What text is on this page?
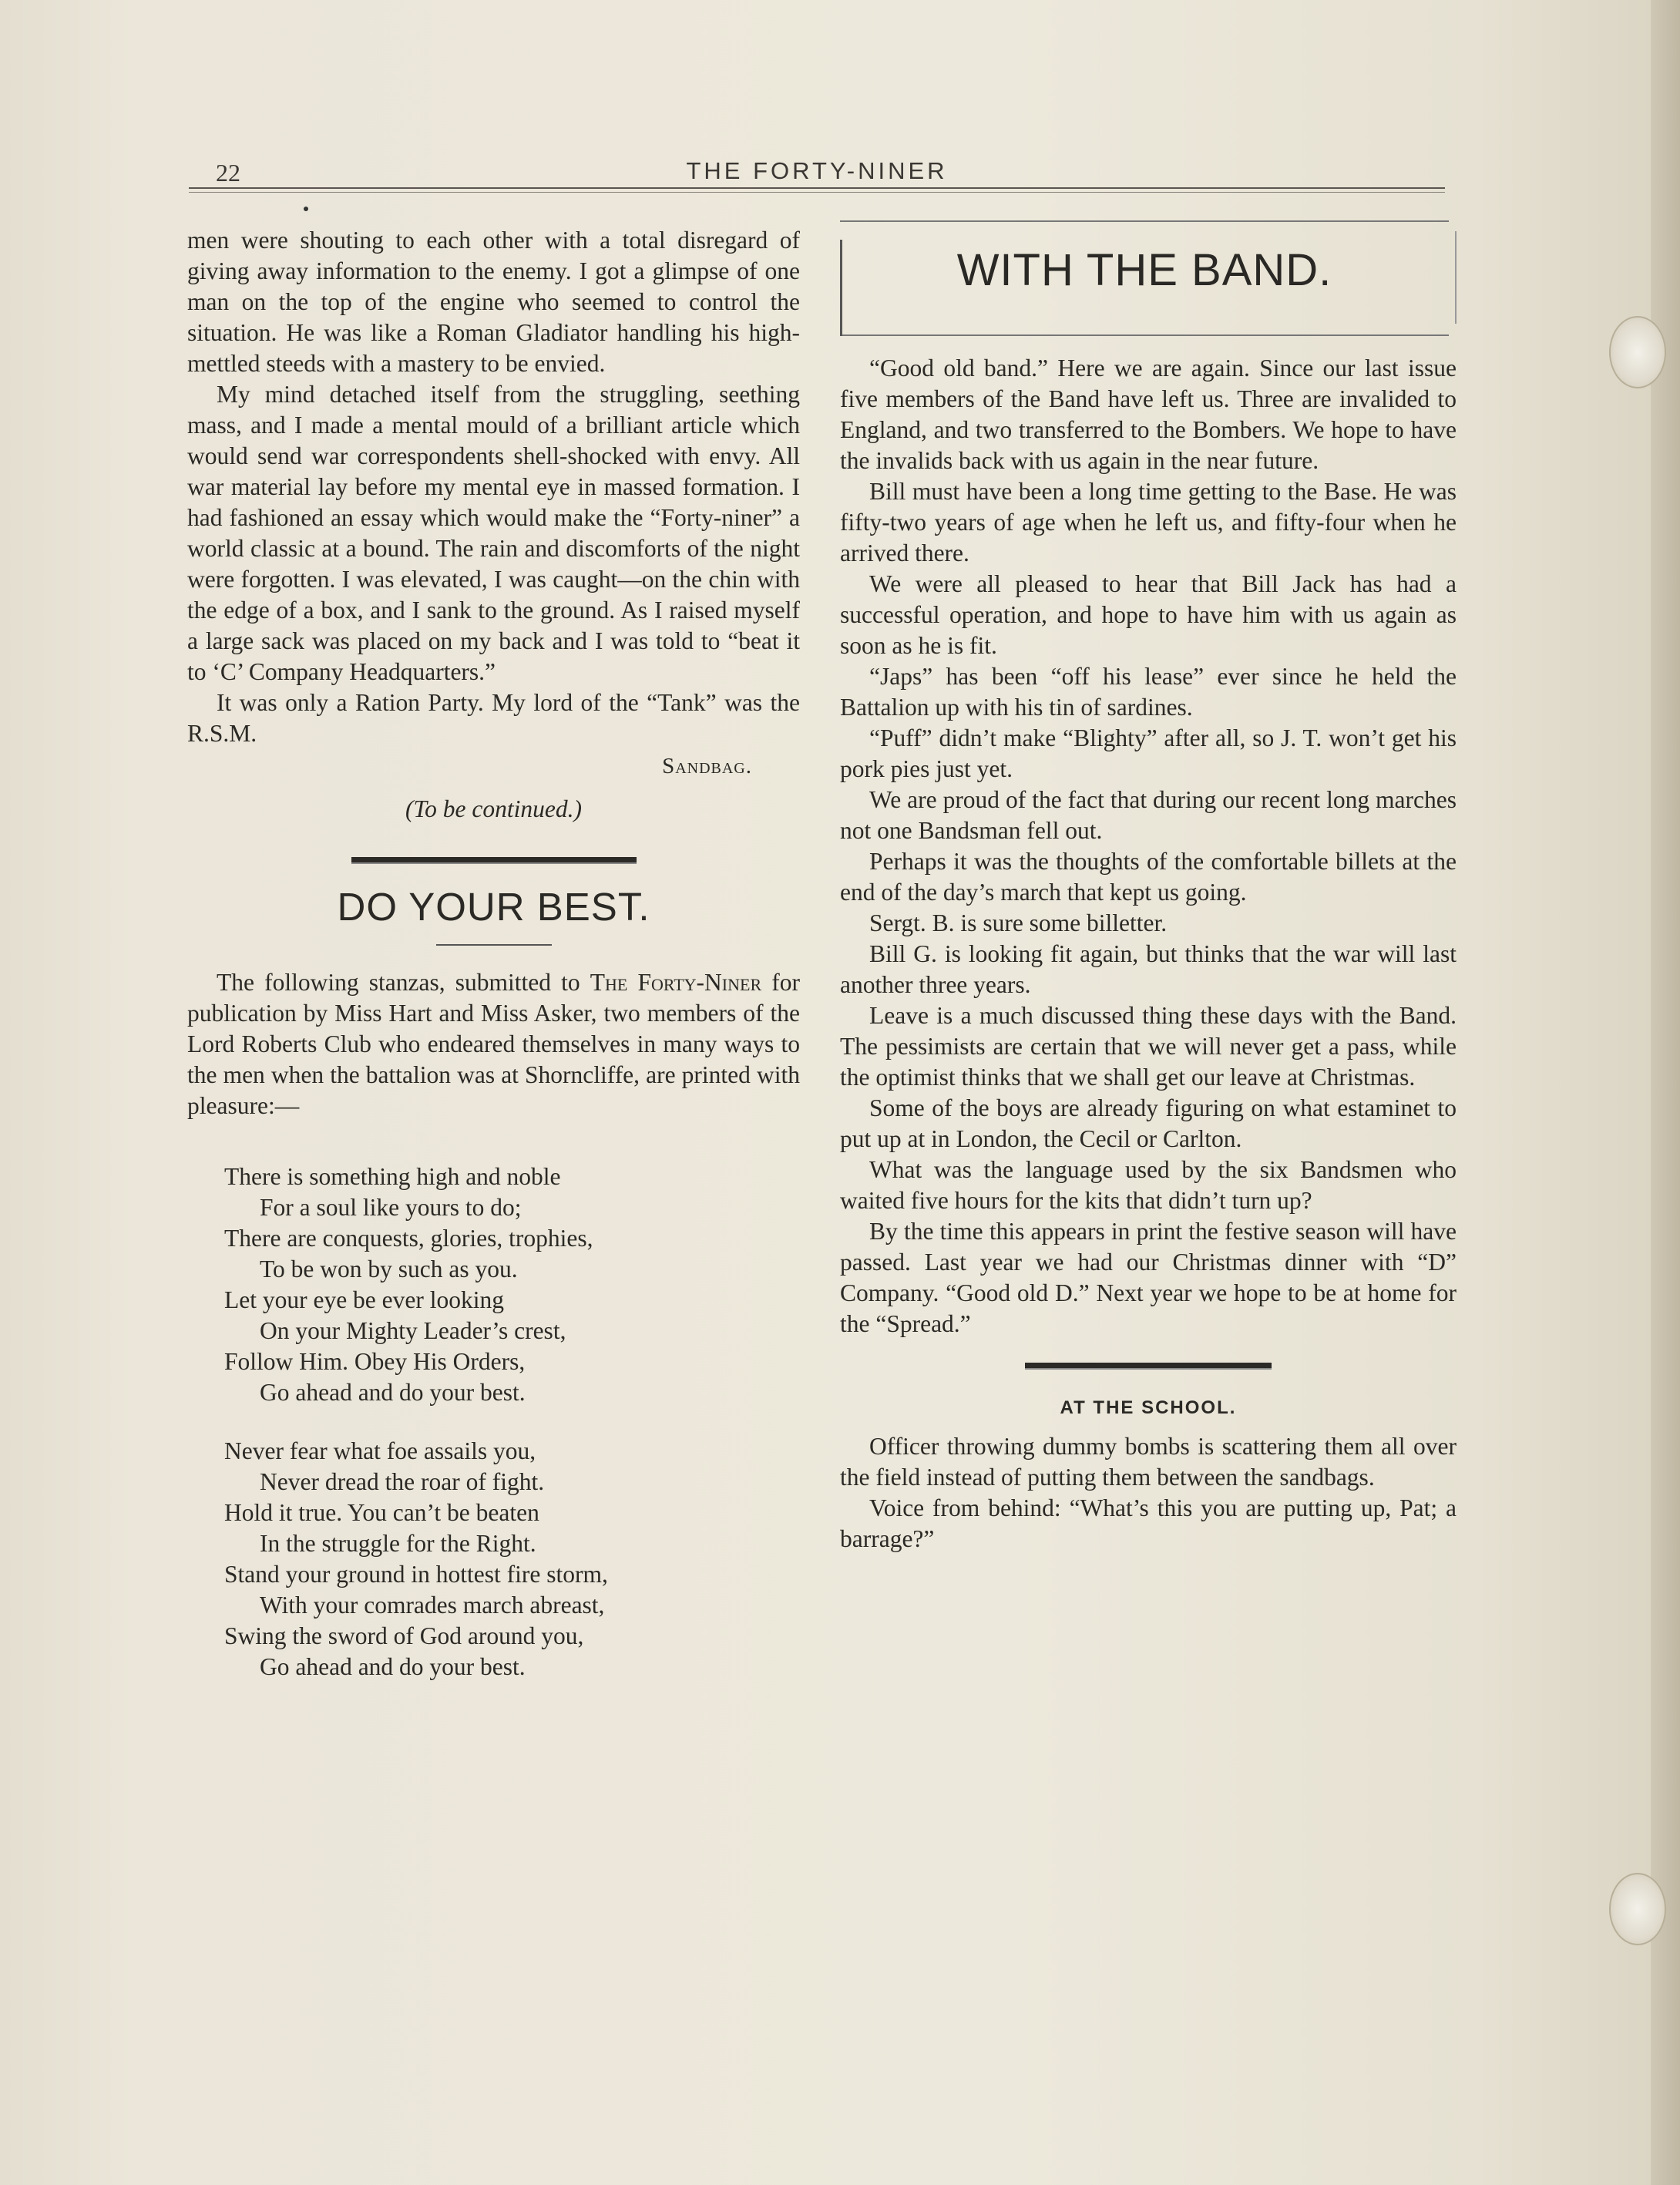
22	THE FORTY-NINER

men were shouting to each other with a total disregard of giving away information to the enemy. I got a glimpse of one man on the top of the engine who seemed to control the situation. He was like a Roman Gladiator handling his high-mettled steeds with a mastery to be envied.

My mind detached itself from the struggling, seething mass, and I made a mental mould of a brilliant article which would send war correspondents shell-shocked with envy. All war material lay before my mental eye in massed formation. I had fashioned an essay which would make the “Forty-niner” a world classic at a bound. The rain and discomforts of the night were forgotten. I was elevated, I was caught—on the chin with the edge of a box, and I sank to the ground. As I raised myself a large sack was placed on my back and I was told to “beat it to ‘C’ Company Headquarters.”

It was only a Ration Party. My lord of the “Tank” was the R.S.M.

Sandbag.

(To be continued.)

DO YOUR BEST.

The following stanzas, submitted to The Forty-Niner for publication by Miss Hart and Miss Asker, two members of the Lord Roberts Club who endeared themselves in many ways to the men when the battalion was at Shorncliffe, are printed with pleasure:—

There is something high and noble
For a soul like yours to do;
There are conquests, glories, trophies,
To be won by such as you.
Let your eye be ever looking
On your Mighty Leader’s crest,
Follow Him. Obey His Orders,
Go ahead and do your best.
Never fear what foe assails you,
Never dread the roar of fight.
Hold it true. You can’t be beaten
In the struggle for the Right.
Stand your ground in hottest fire storm,
With your comrades march abreast,
Swing the sword of God around you,
Go ahead and do your best.
WITH THE BAND.

“Good old band.” Here we are again. Since our last issue five members of the Band have left us. Three are invalided to England, and two transferred to the Bombers. We hope to have the invalids back with us again in the near future.

Bill must have been a long time getting to the Base. He was fifty-two years of age when he left us, and fifty-four when he arrived there.

We were all pleased to hear that Bill Jack has had a successful operation, and hope to have him with us again as soon as he is fit.

“Japs” has been “off his lease” ever since he held the Battalion up with his tin of sardines.

“Puff” didn’t make “Blighty” after all, so J. T. won’t get his pork pies just yet.

We are proud of the fact that during our recent long marches not one Bandsman fell out.

Perhaps it was the thoughts of the comfortable billets at the end of the day’s march that kept us going.

Sergt. B. is sure some billetter.

Bill G. is looking fit again, but thinks that the war will last another three years.

Leave is a much discussed thing these days with the Band. The pessimists are certain that we will never get a pass, while the optimist thinks that we shall get our leave at Christmas.

Some of the boys are already figuring on what estaminet to put up at in London, the Cecil or Carlton.

What was the language used by the six Bandsmen who waited five hours for the kits that didn’t turn up?

By the time this appears in print the festive season will have passed. Last year we had our Christmas dinner with “D” Company. “Good old D.” Next year we hope to be at home for the “Spread.”

AT THE SCHOOL.

Officer throwing dummy bombs is scattering them all over the field instead of putting them between the sandbags.

Voice from behind: “What’s this you are putting up, Pat; a barrage?”
